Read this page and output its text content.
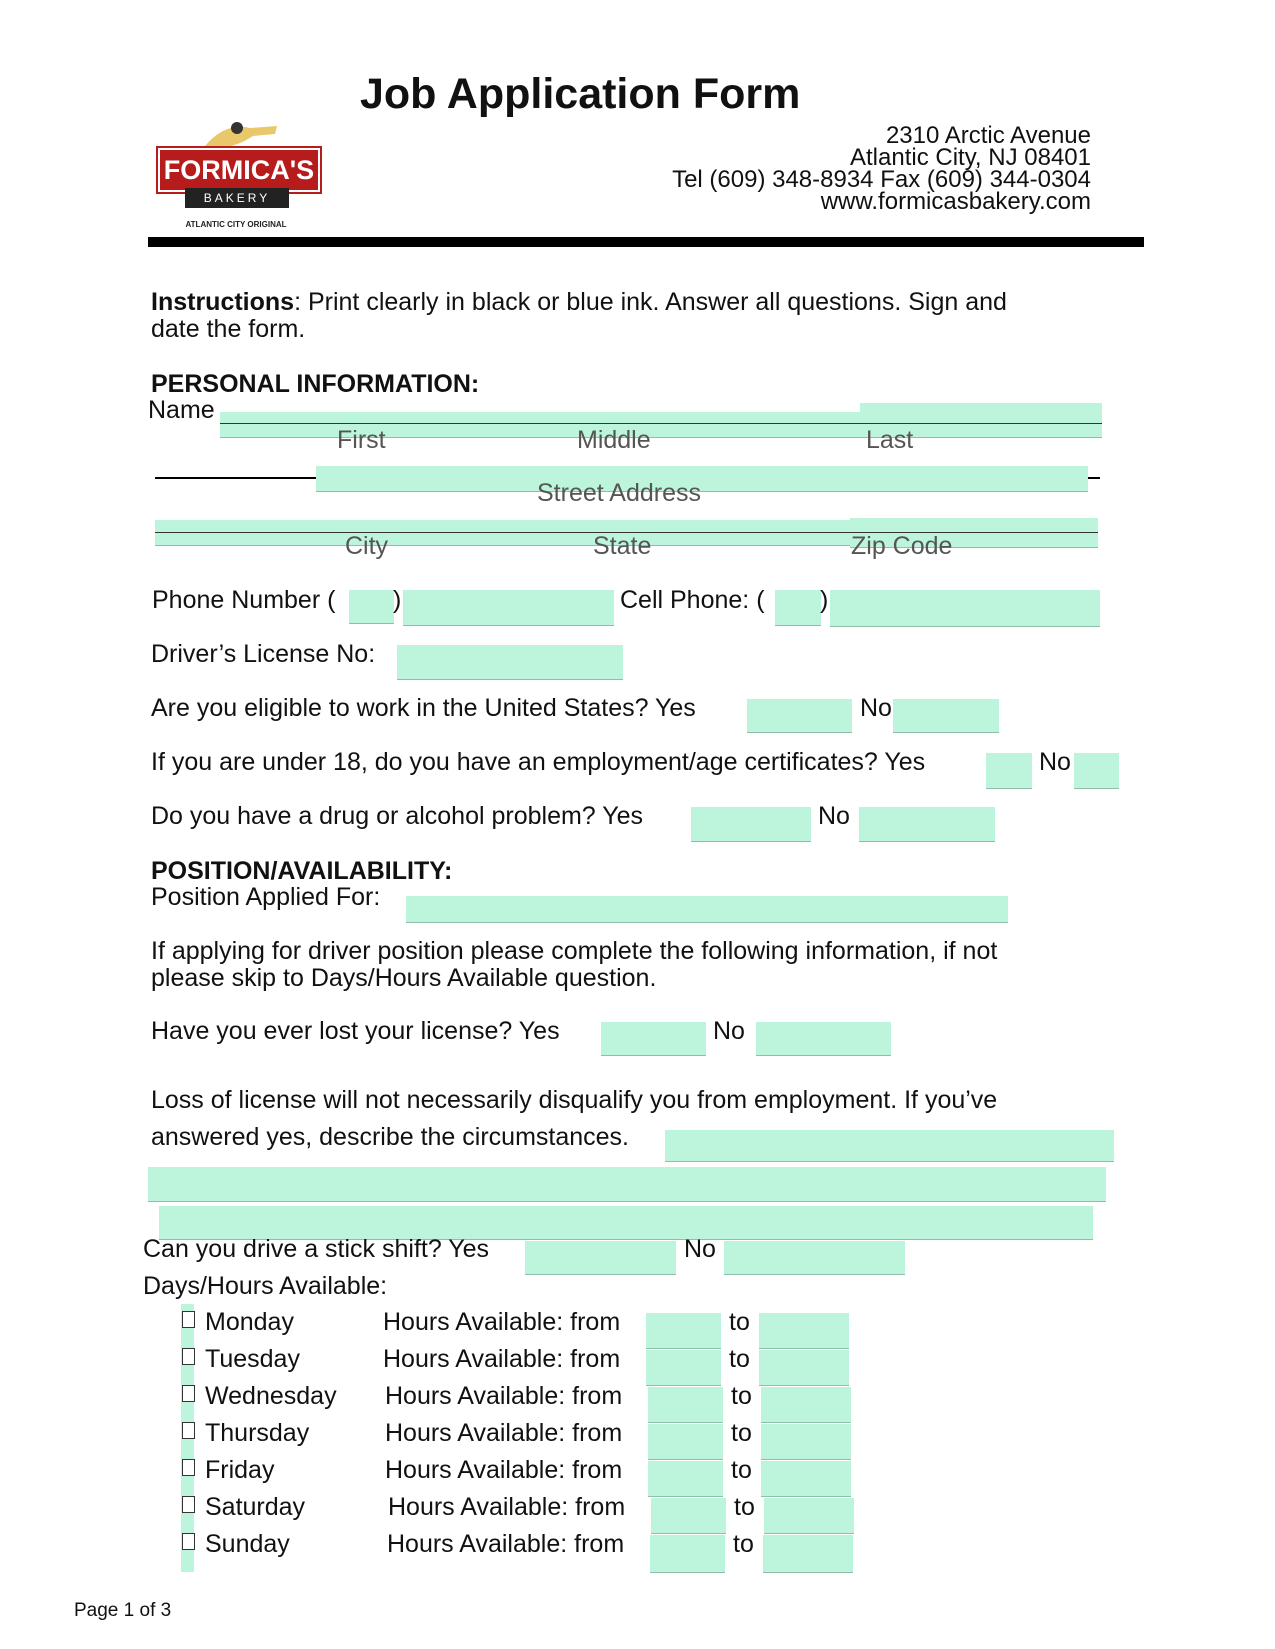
Job Application Form
FORMICA'S
BAKERY
ATLANTIC CITY ORIGINAL
2310 Arctic Avenue
Atlantic City, NJ 08401
Tel (609) 348-8934 Fax (609) 344-0304
www.formicasbakery.com
Instructions: Print clearly in black or blue ink. Answer all questions. Sign and
date the form.
PERSONAL INFORMATION:
Name
First	Middle	Last
Street Address
City	State	Zip Code
Phone Number ( )	Cell Phone: ( )
Driver’s License No:
Are you eligible to work in the United States? Yes	No
If you are under 18, do you have an employment/age certificates? Yes	No
Do you have a drug or alcohol problem? Yes	No
POSITION/AVAILABILITY:
Position Applied For:
If applying for driver position please complete the following information, if not
please skip to Days/Hours Available question.
Have you ever lost your license? Yes	No
Loss of license will not necessarily disqualify you from employment. If you’ve
answered yes, describe the circumstances.
Can you drive a stick shift? Yes	No
Days/Hours Available:
Monday	Hours Available: from	to
Tuesday	Hours Available: from	to
Wednesday Hours Available: from	to
Thursday	Hours Available: from	to
Friday	Hours Available: from	to
Saturday	Hours Available: from	to
Sunday	Hours Available: from	to
Page 1 of 3
